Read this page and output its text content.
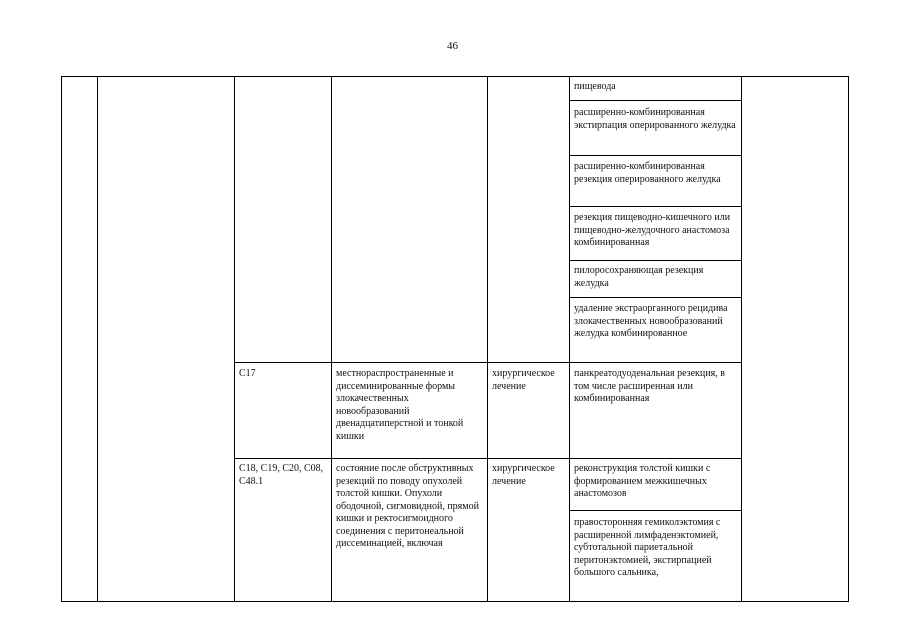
46
пищевода
расширенно-комбинированная экстирпация оперированного желудка
расширенно-комбинированная резекция оперированного желудка
резекция пищеводно-кишечного или пищеводно-желудочного анастомоза комбинированная
пилоросохраняющая резекция желудка
удаление экстраорганного рецидива злокачественных новообразований желудка комбинированное
C17	местнораспространенные и диссеминированные формы злокачественных новообразований двенадцатиперстной и тонкой кишки
хирургическое лечение
панкреатодуоденальная резекция, в том числе расширенная или комбинированная
C18, C19, C20, C08, C48.1
состояние после обструктивных резекций по поводу опухолей толстой кишки. Опухоли ободочной, сигмовидной, прямой кишки и ректосигмоидного соединения с перитонеальной диссеминацией, включая
хирургическое лечение
реконструкция толстой кишки с формированием межкишечных анастомозов
правосторонняя гемиколэктомия с расширенной лимфаденэктомией, субтотальной париетальной перитонэктомией, экстирпацией большого сальника,
